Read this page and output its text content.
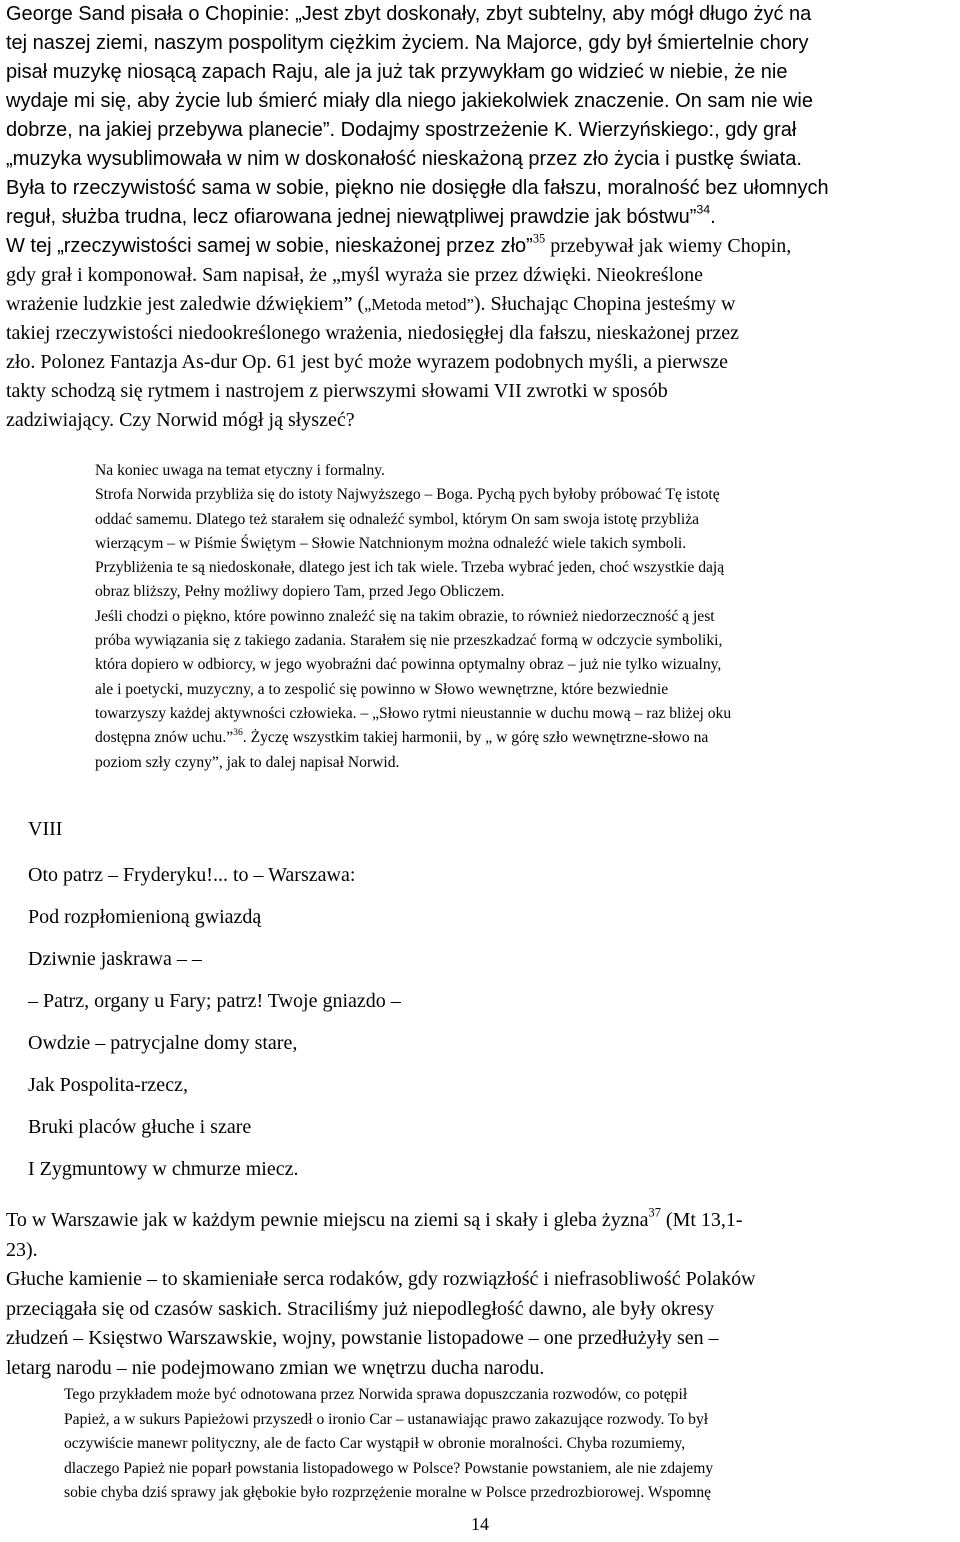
George Sand pisała o Chopinie: „Jest zbyt doskonały, zbyt subtelny, aby mógł długo żyć na
tej naszej ziemi, naszym pospolitym ciężkim życiem. Na Majorce, gdy był śmiertelnie chory
pisał muzykę niosącą zapach Raju, ale ja już tak przywykłam go widzieć w niebie, że nie
wydaje mi się, aby życie lub śmierć miały dla niego jakiekolwiek znaczenie. On sam nie wie
dobrze, na jakiej przebywa planecie”. Dodajmy spostrzeżenie K. Wierzyńskiego:, gdy grał
„muzyka wysublimowała w nim w doskonałość nieskażoną przez zło życia i pustkę świata.
Była to rzeczywistość sama w sobie, piękno nie dosięgłe dla fałszu, moralność bez ułomnych
reguł, służba trudna, lecz ofiarowana jednej niewątpliwej prawdzie jak bóstwu”$^{34}$.
W tej „rzeczywistości samej w sobie, nieskażonej przez zło”$^{35}$ przebywał jak wiemy Chopin,
gdy grał i komponował. Sam napisał, że „myśl wyraża sie przez dźwięki. Nieokreślone
wrażenie ludzkie jest zaledwie dźwiękiem” („Metoda metod”). Słuchając Chopina jesteśmy w
takiej rzeczywistości niedookreślonego wrażenia, niedosięgłej dla fałszu, nieskażonej przez
zło. Polonez Fantazja As-dur Op. 61 jest być może wyrazem podobnych myśli, a pierwsze
takty schodzą się rytmem i nastrojem z pierwszymi słowami VII zwrotki w sposób
zadziwiający. Czy Norwid mógł ją słyszeć?
Na koniec uwaga na temat etyczny i formalny.
Strofa Norwida przybliża się do istoty Najwyższego – Boga. Pychą pych byłoby próbować Tę istotę
oddać samemu. Dlatego też starałem się odnaleźć symbol, którym On sam swoja istotę przybliża
wierzącym – w Piśmie Świętym – Słowie Natchnionym można odnaleźć wiele takich symboli.
Przybliżenia te są niedoskonałe, dlatego jest ich tak wiele. Trzeba wybrać jeden, choć wszystkie dają
obraz bliższy, Pełny możliwy dopiero Tam, przed Jego Obliczem.
Jeśli chodzi o piękno, które powinno znaleźć się na takim obrazie, to również niedorzeczność ą jest
próba wywiązania się z takiego zadania. Starałem się nie przeszkadzać formą w odczycie symboliki,
która dopiero w odbiorcy, w jego wyobraźni dać powinna optymalny obraz – już nie tylko wizualny,
ale i poetycki, muzyczny, a to zespolić się powinno w Słowo wewnętrzne, które bezwiednie
towarzyszy każdej aktywności człowieka. – „Słowo rytmi nieustannie w duchu mową – raz bliżej oku
dostępna znów uchu.”$^{36}$. Życzę wszystkim takiej harmonii, by „ w górę szło wewnętrzne-słowo na
poziom szły czyny”, jak to dalej napisał Norwid.
VIII
Oto patrz – Fryderyku!... to – Warszawa:
Pod rozpłomienioną gwiazdą
Dziwnie jaskrawa – –
– Patrz, organy u Fary; patrz! Twoje gniazdo –
Owdzie – patrycjalne domy stare,
Jak Pospolita-rzecz,
Bruki placów głuche i szare
I Zygmuntowy w chmurze miecz.
To w Warszawie jak w każdym pewnie miejscu na ziemi są i skały i gleba żyzna$^{37}$ (Mt 13,1-
23).
Głuche kamienie – to skamieniałe serca rodaków, gdy rozwiązłość i niefrasobliwość Polaków
przeciągała się od czasów saskich. Straciliśmy już niepodległość dawno, ale były okresy
złudzeń – Księstwo Warszawskie, wojny, powstanie listopadowe – one przedłużyły sen –
letarg narodu – nie podejmowano zmian we wnętrzu ducha narodu.
Tego przykładem może być odnotowana przez Norwida sprawa dopuszczania rozwodów, co potępił
Papież, a w sukurs Papieżowi przyszedł o ironio Car – ustanawiając prawo zakazujące rozwody. To był
oczywiście manewr polityczny, ale de facto Car wystąpił w obronie moralności. Chyba rozumiemy,
dlaczego Papież nie poparł powstania listopadowego w Polsce? Powstanie powstaniem, ale nie zdajemy
sobie chyba dziś sprawy jak głębokie było rozprzężenie moralne w Polsce przedrozbiorowej. Wspomnę
14
